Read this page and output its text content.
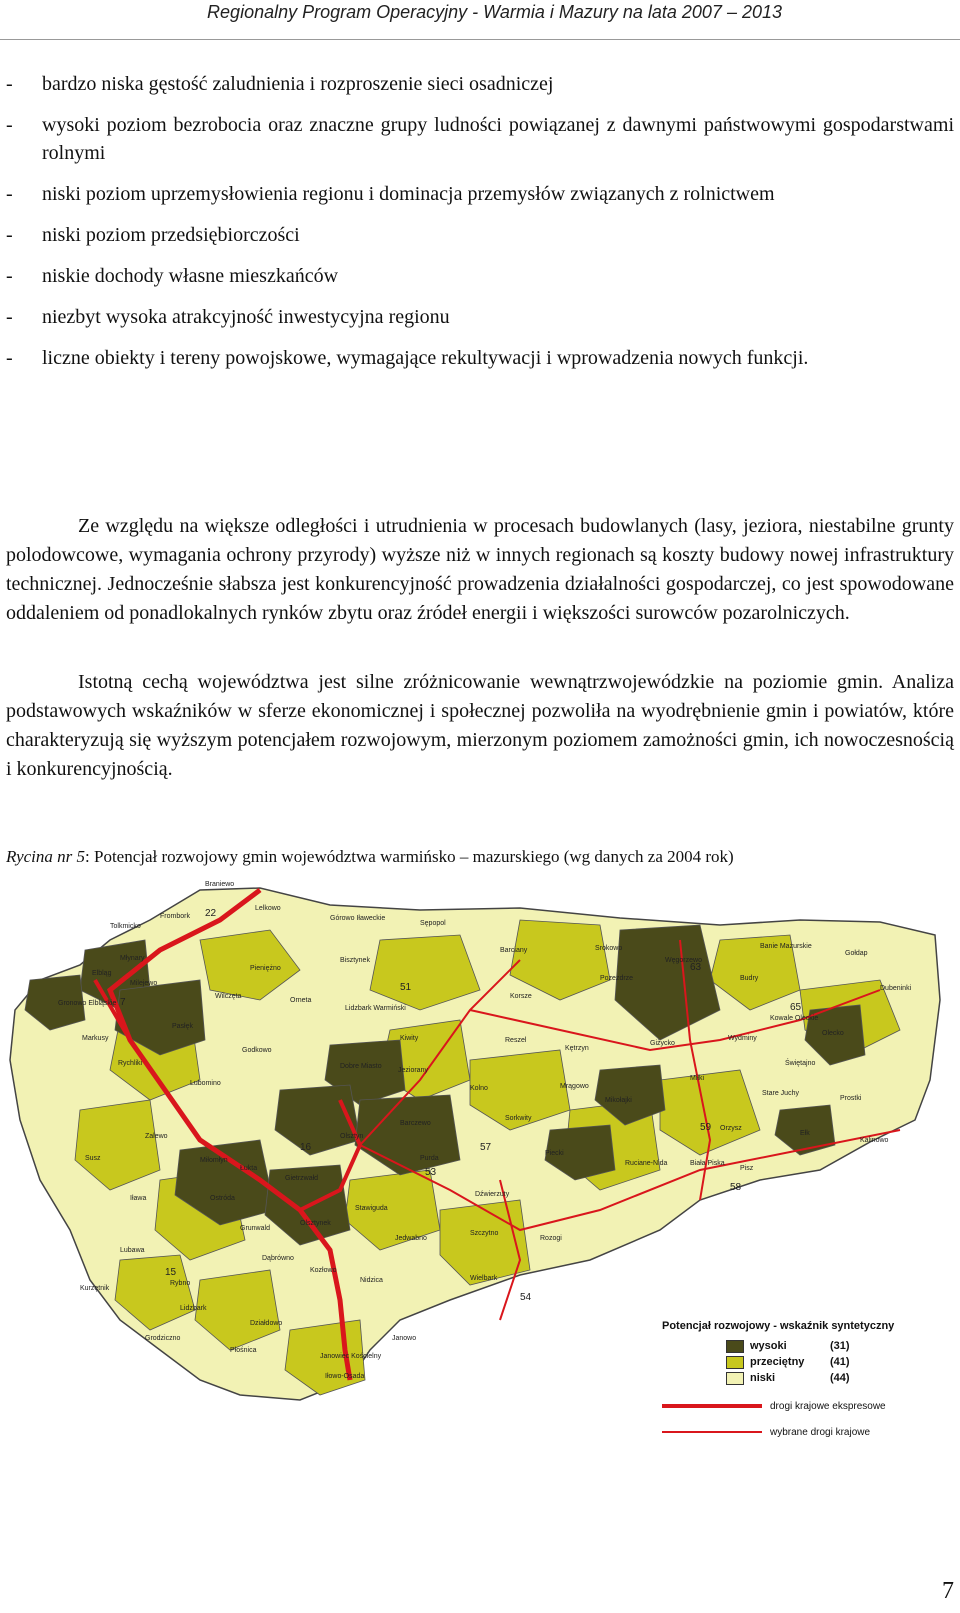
Regionalny Program Operacyjny - Warmia i Mazury na lata 2007 – 2013
-	bardzo niska gęstość zaludnienia i rozproszenie sieci osadniczej
-	wysoki poziom bezrobocia oraz znaczne grupy ludności powiązanej z dawnymi państwowymi gospodarstwami rolnymi
-	niski poziom uprzemysłowienia regionu i dominacja przemysłów związanych z rolnictwem
-	niski poziom przedsiębiorczości
-	niskie dochody własne mieszkańców
-	niezbyt wysoka atrakcyjność inwestycyjna regionu
-	liczne obiekty i tereny powojskowe, wymagające rekultywacji i wprowadzenia nowych funkcji.

Ze względu na większe odległości i utrudnienia w procesach budowlanych (lasy, jeziora, niestabilne grunty polodowcowe, wymagania ochrony przyrody) wyższe niż w innych regionach są koszty budowy nowej infrastruktury technicznej. Jednocześnie słabsza jest konkurencyjność prowadzenia działalności gospodarczej, co jest spowodowane oddaleniem od ponadlokalnych rynków zbytu oraz źródeł energii i większości surowców pozarolniczych.

Istotną cechą województwa jest silne zróżnicowanie wewnątrzwojewódzkie na poziomie gmin. Analiza podstawowych wskaźników w sferze ekonomicznej i społecznej pozwoliła na wyodrębnienie gmin i powiatów, które charakteryzują się wyższym potencjałem rozwojowym, mierzonym poziomem zamożności gmin, ich nowoczesnością i konkurencyjnością.

Rycina nr 5: Potencjał rozwojowy gmin województwa warmińsko – mazurskiego (wg danych za 2004 rok)
22
7
16
51
57
58
59
63
65
53
15
54
Braniewo
Tolkmicko
Frombork
Lelkowo
Górowo Iławeckie
Sępopol
Srokowo	Banie Mazurskie
Gołdap
Młynary
Pieniężno
Bisztynek
Barciany
Elbląg
Milejewo
Wilczęta
Orneta
Lidzbark Warmiński
Kiwity
Korsze
Reszel
Kętrzyn
Węgorzewo
Pozezdrze	Budry
Dubeninki
Kowale Oleckie
Olecko
Gronowo Elbląskie
Markusy
Pasłęk
Rychliki
Godkowo
Lubomino
Dobre Miasto
Jeziorany
Kolno
Sorkwity
Mrągowo
Mikołajki
Giżycko
Miłki
Wydminy
Świętajno
Stare Juchy
Prostki
Zalewo
Susz	Miłomłyn
Łukta
Gietrzwałd
Olsztyn
Barczewo
Purda
Piecki
Ruciane-Nida	Biała Piska
Pisz
Orzysz
Ełk
Kalinowo
Iława	Ostróda
Grunwald
Olsztynek
Stawiguda
Jedwabno
Dźwierzuty
Szczytno
Rozogi
Wielbark
Lubawa
Kurzętnik
Kozłowo
Nidzica
Lidzbark
Działdowo
Płośnica
Iłowo-Osada
Janowo
Janowiec Kościelny
Grodziczno
Rybno
Dąbrówno
Potencjał rozwojowy - wskaźnik syntetyczny
wysoki	(31)
przeciętny	(41)
niski	(44)
drogi krajowe ekspresowe
wybrane drogi krajowe
7
